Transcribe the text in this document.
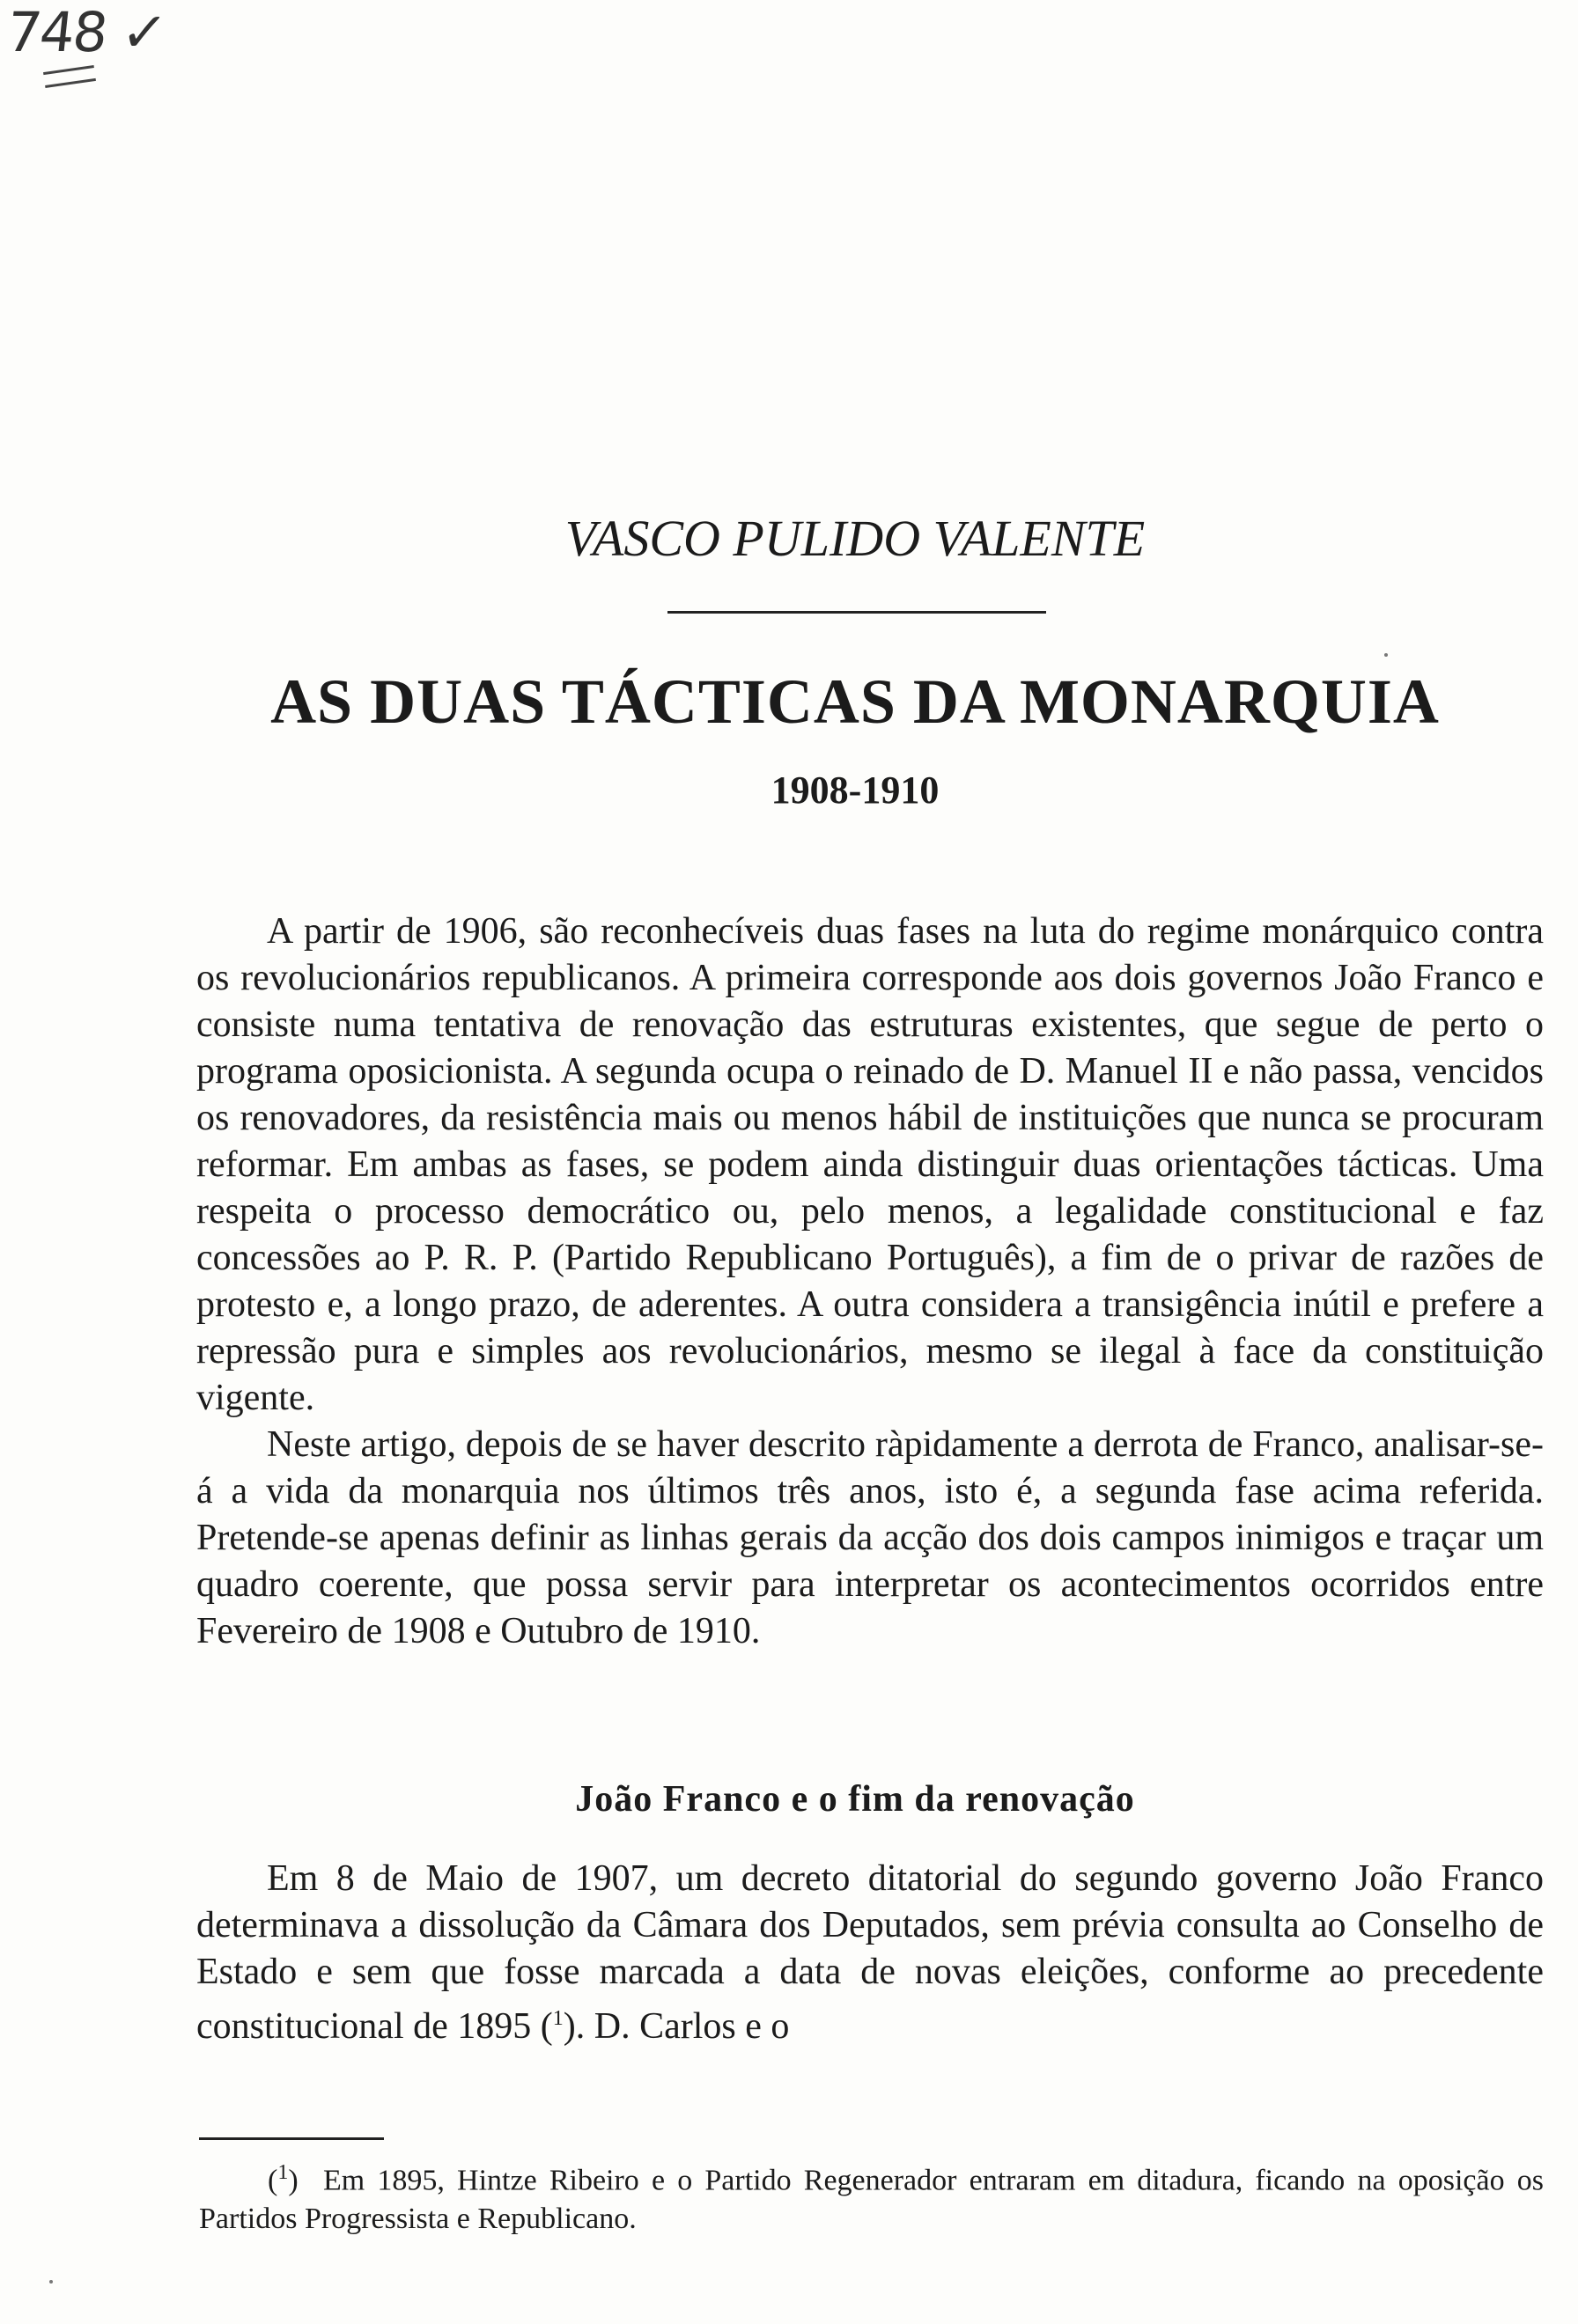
748 ✓
VASCO PULIDO VALENTE
AS DUAS TÁCTICAS DA MONARQUIA
1908-1910

A partir de 1906, são reconhecíveis duas fases na luta do regime monárquico contra os revolucionários republicanos. A primeira corresponde aos dois governos João Franco e consiste numa tentativa de renovação das estruturas existentes, que segue de perto o programa oposicionista. A segunda ocupa o reinado de D. Manuel II e não passa, vencidos os renovadores, da resistência mais ou menos hábil de instituições que nunca se procuram reformar. Em ambas as fases, se podem ainda distinguir duas orientações tácticas. Uma respeita o processo democrático ou, pelo menos, a legalidade constitucional e faz concessões ao P. R. P. (Partido Republicano Português), a fim de o privar de razões de protesto e, a longo prazo, de aderentes. A outra considera a transigência inútil e prefere a repressão pura e simples aos revolucionários, mesmo se ilegal à face da constituição vigente.

Neste artigo, depois de se haver descrito ràpidamente a derrota de Franco, analisar-se-á a vida da monarquia nos últimos três anos, isto é, a segunda fase acima referida. Pretende-se apenas definir as linhas gerais da acção dos dois campos inimigos e traçar um quadro coerente, que possa servir para interpretar os acontecimentos ocorridos entre Fevereiro de 1908 e Outubro de 1910.

João Franco e o fim da renovação

Em 8 de Maio de 1907, um decreto ditatorial do segundo governo João Franco determinava a dissolução da Câmara dos Deputados, sem prévia consulta ao Conselho de Estado e sem que fosse marcada a data de novas eleições, conforme ao precedente constitucional de 1895 ($^1$). D. Carlos e o

($^1$)  Em 1895, Hintze Ribeiro e o Partido Regenerador entraram em ditadura, ficando na oposição os Partidos Progressista e Republicano.
